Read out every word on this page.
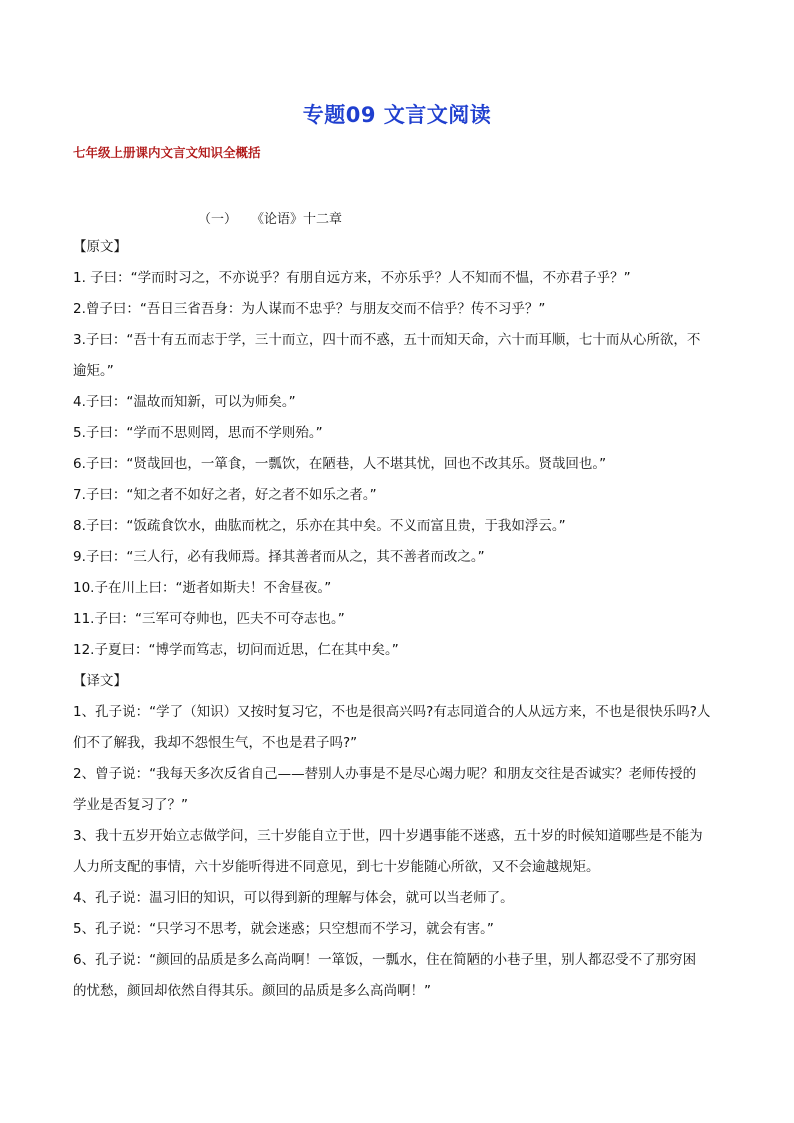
专题09 文言文阅读
七年级上册课内文言文知识全概括
（一） 《论语》十二章
【原文】
1. 子曰：“学而时习之，不亦说乎？有朋自远方来，不亦乐乎？人不知而不愠，不亦君子乎？”
2.曾子曰：“吾日三省吾身：为人谋而不忠乎？与朋友交而不信乎？传不习乎？”
3.子曰：“吾十有五而志于学，三十而立，四十而不惑，五十而知天命，六十而耳顺，七十而从心所欲，不
逾矩。”
4.子曰：“温故而知新，可以为师矣。”
5.子曰：“学而不思则罔，思而不学则殆。”
6.子曰：“贤哉回也，一箪食，一瓢饮，在陋巷，人不堪其忧，回也不改其乐。贤哉回也。”
7.子曰：“知之者不如好之者，好之者不如乐之者。”
8.子曰：“饭疏食饮水，曲肱而枕之，乐亦在其中矣。不义而富且贵，于我如浮云。”
9.子曰：“三人行，必有我师焉。择其善者而从之，其不善者而改之。”
10.子在川上曰：“逝者如斯夫！不舍昼夜。”
11.子曰：“三军可夺帅也，匹夫不可夺志也。”
12.子夏曰：“博学而笃志，切问而近思，仁在其中矣。”
【译文】
1、孔子说：“学了（知识）又按时复习它，不也是很高兴吗?有志同道合的人从远方来，不也是很快乐吗?人
们不了解我，我却不怨恨生气，不也是君子吗?”
2、曾子说：“我每天多次反省自己——替别人办事是不是尽心竭力呢？和朋友交往是否诚实？老师传授的
学业是否复习了？”
3、我十五岁开始立志做学问，三十岁能自立于世，四十岁遇事能不迷惑，五十岁的时候知道哪些是不能为
人力所支配的事情，六十岁能听得进不同意见，到七十岁能随心所欲，又不会逾越规矩。
4、孔子说：温习旧的知识，可以得到新的理解与体会，就可以当老师了。
5、孔子说：“只学习不思考，就会迷惑；只空想而不学习，就会有害。”
6、孔子说：“颜回的品质是多么高尚啊！一箪饭，一瓢水，住在简陋的小巷子里，别人都忍受不了那穷困
的忧愁，颜回却依然自得其乐。颜回的品质是多么高尚啊！”
